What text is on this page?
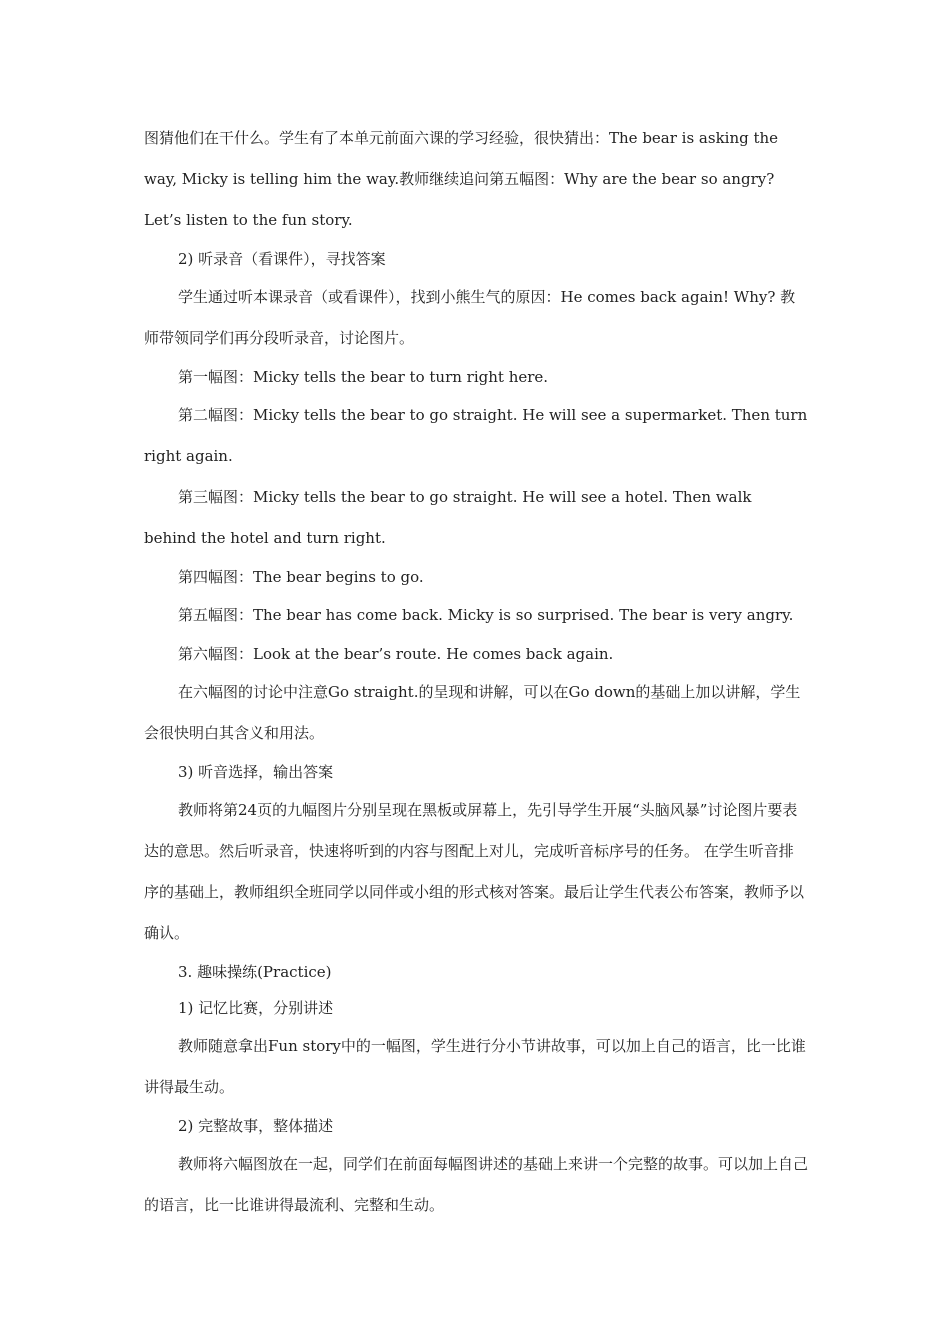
图猜他们在干什么。学生有了本单元前面六课的学习经验，很快猜出：The bear is asking the way, Micky is telling him the way.教师继续追问第五幅图：Why are the bear so angry? Let’s listen to the fun story.

2) 听录音（看课件），寻找答案

学生通过听本课录音（或看课件），找到小熊生气的原因：He comes back again! Why? 教师带领同学们再分段听录音，讨论图片。

第一幅图：Micky tells the bear to turn right here.

第二幅图：Micky tells the bear to go straight. He will see a supermarket. Then turn right again.

第三幅图：Micky tells the bear to go straight. He will see a hotel. Then walk behind the hotel and turn right.

第四幅图：The bear begins to go.

第五幅图：The bear has come back. Micky is so surprised. The bear is very angry.

第六幅图：Look at the bear’s route. He comes back again.

在六幅图的讨论中注意Go straight.的呈现和讲解，可以在Go down的基础上加以讲解，学生会很快明白其含义和用法。

3) 听音选择，输出答案

教师将第24页的九幅图片分别呈现在黑板或屏幕上，先引导学生开展“头脑风暴”讨论图片要表达的意思。然后听录音，快速将听到的内容与图配上对儿，完成听音标序号的任务。 在学生听音排序的基础上，教师组织全班同学以同伴或小组的形式核对答案。最后让学生代表公布答案，教师予以确认。

3. 趣味操练(Practice)

1) 记忆比赛，分别讲述

教师随意拿出Fun story中的一幅图，学生进行分小节讲故事，可以加上自己的语言，比一比谁讲得最生动。

2) 完整故事，整体描述

教师将六幅图放在一起，同学们在前面每幅图讲述的基础上来讲一个完整的故事。可以加上自己的语言，比一比谁讲得最流利、完整和生动。
